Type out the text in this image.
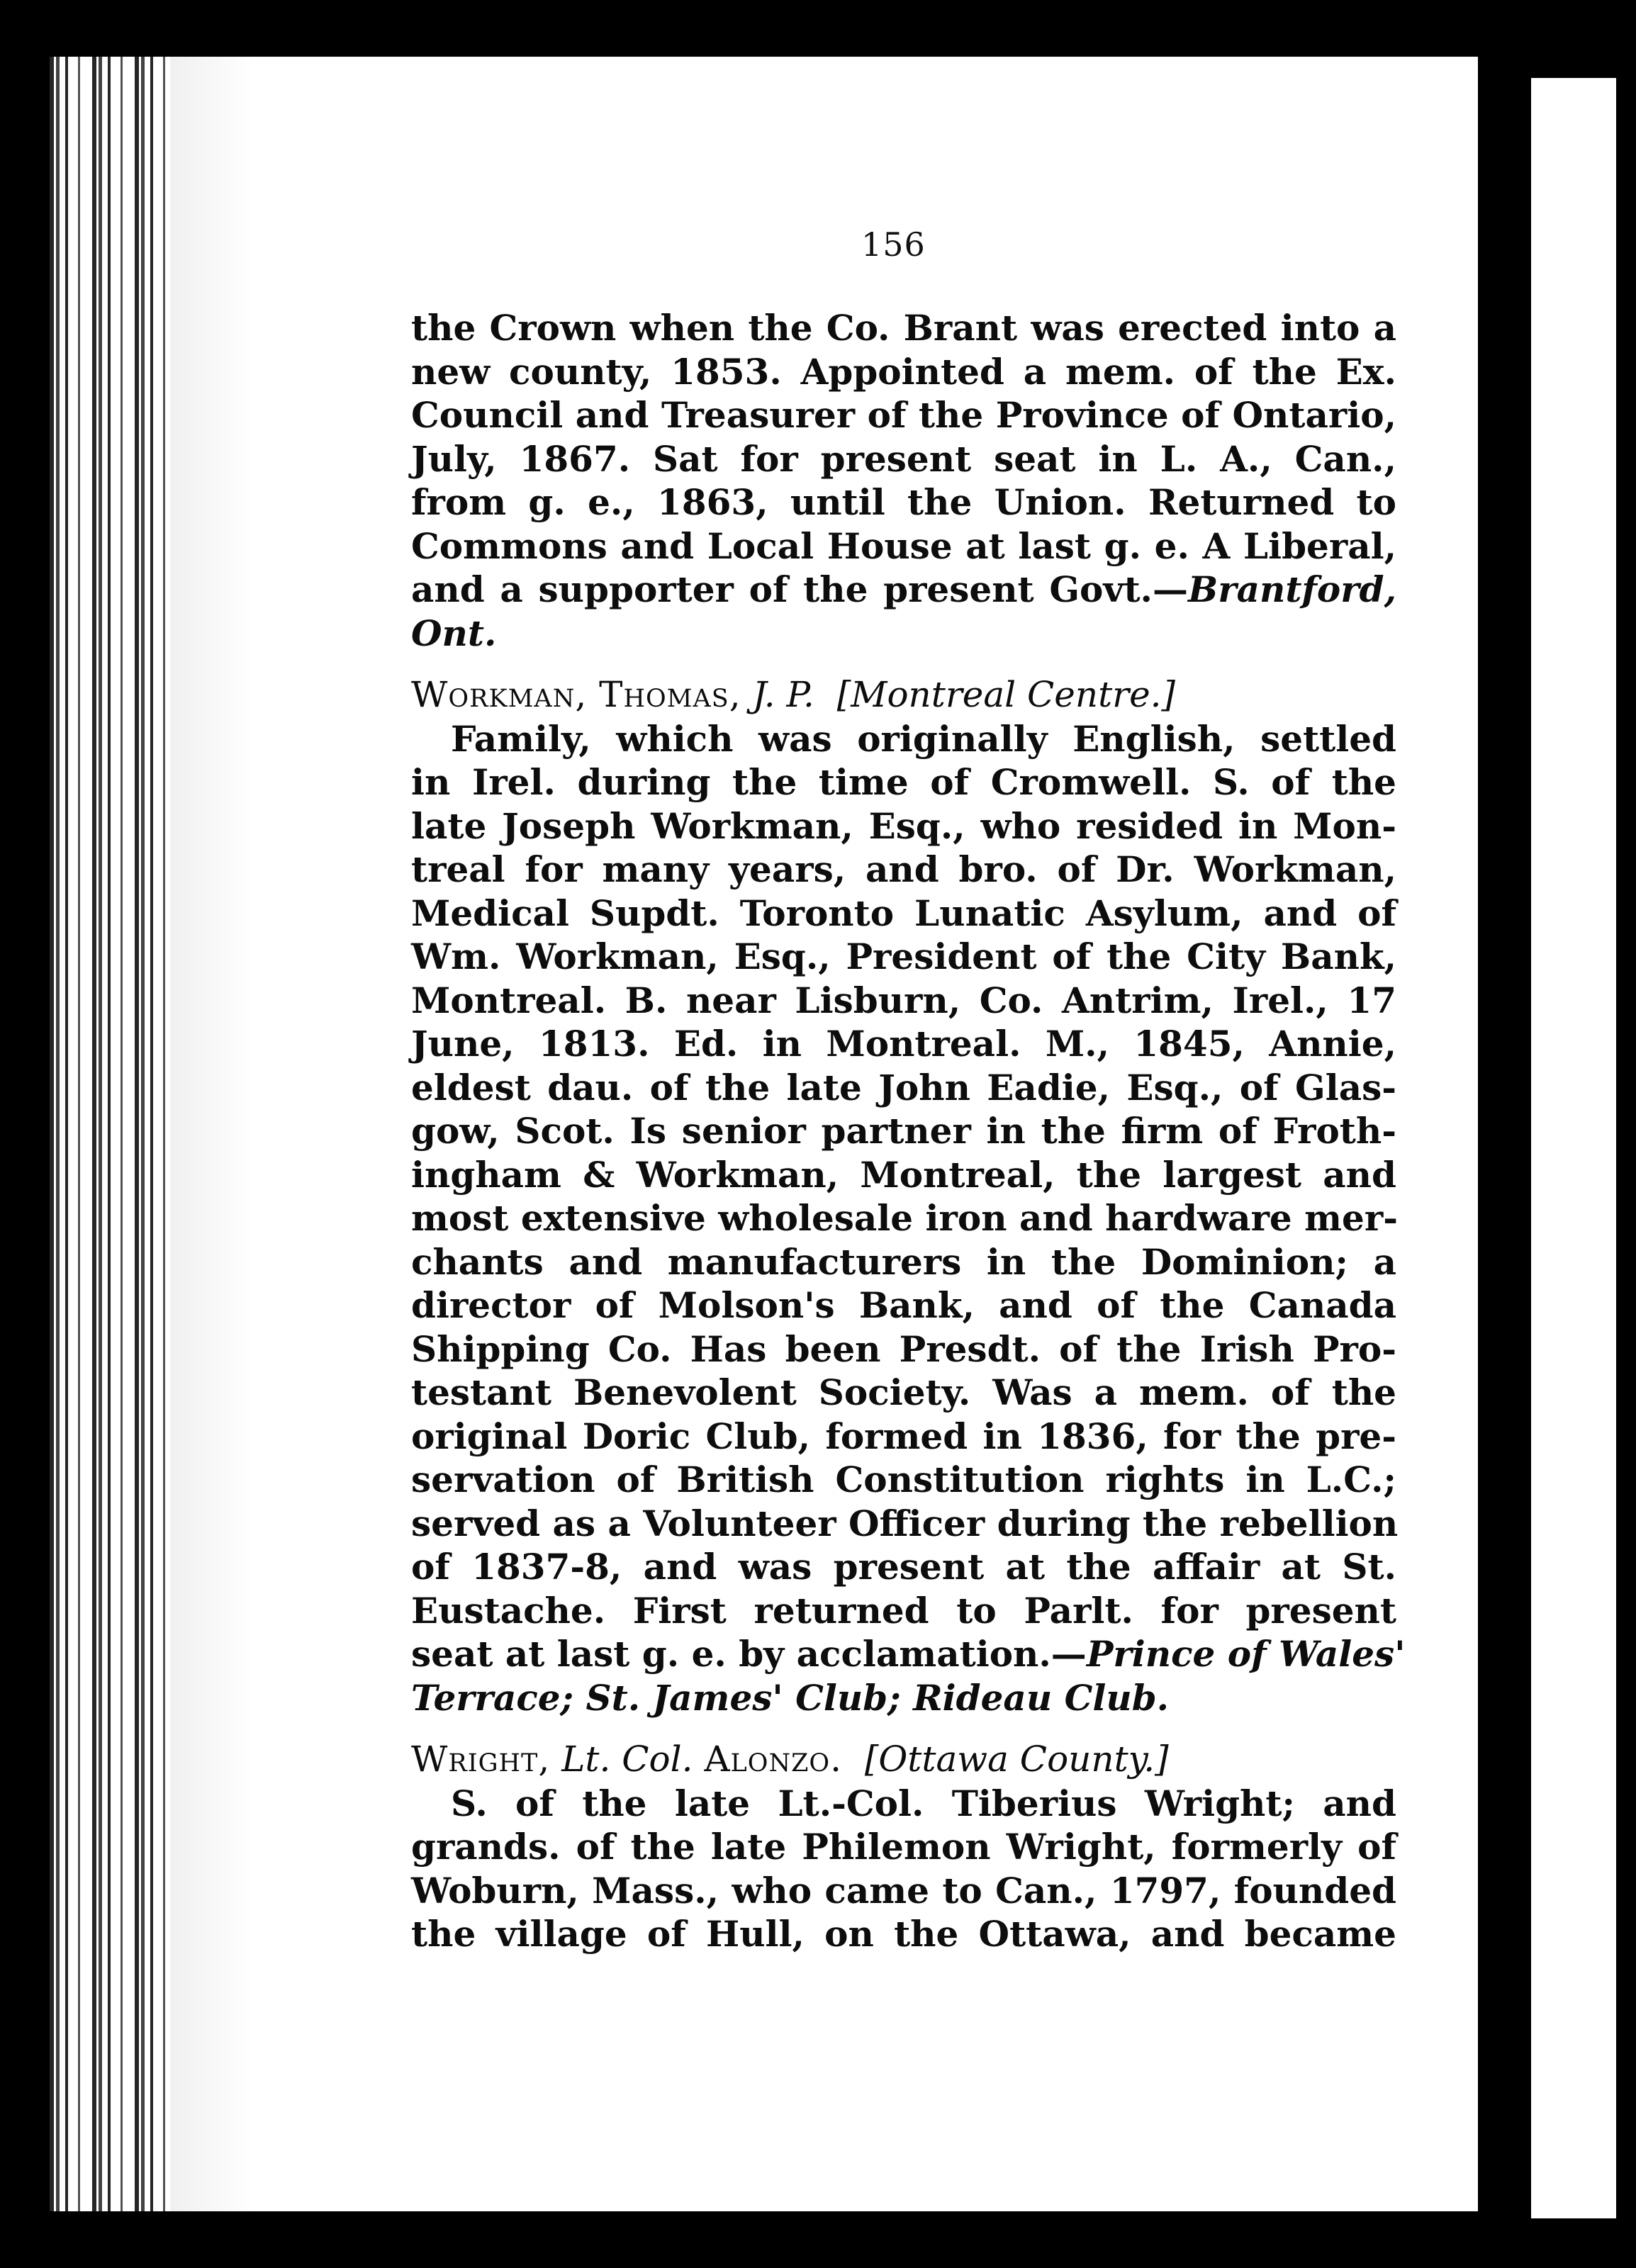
156
the Crown when the Co. Brant was erected into a
new county, 1853. Appointed a mem. of the Ex.
Council and Treasurer of the Province of Ontario,
July, 1867. Sat for present seat in L. A., Can.,
from g. e., 1863, until the Union. Returned to
Commons and Local House at last g. e. A Liberal,
and a supporter of the present Govt.—Brantford,
Ont.
Workman, Thomas, J. P. [Montreal Centre.]
Family, which was originally English, settled
in Irel. during the time of Cromwell. S. of the
late Joseph Workman, Esq., who resided in Mon-
treal for many years, and bro. of Dr. Workman,
Medical Supdt. Toronto Lunatic Asylum, and of
Wm. Workman, Esq., President of the City Bank,
Montreal. B. near Lisburn, Co. Antrim, Irel., 17
June, 1813. Ed. in Montreal. M., 1845, Annie,
eldest dau. of the late John Eadie, Esq., of Glas-
gow, Scot. Is senior partner in the firm of Froth-
ingham & Workman, Montreal, the largest and
most extensive wholesale iron and hardware mer-
chants and manufacturers in the Dominion; a
director of Molson's Bank, and of the Canada
Shipping Co. Has been Presdt. of the Irish Pro-
testant Benevolent Society. Was a mem. of the
original Doric Club, formed in 1836, for the pre-
servation of British Constitution rights in L.C.;
served as a Volunteer Officer during the rebellion
of 1837-8, and was present at the affair at St.
Eustache. First returned to Parlt. for present
seat at last g. e. by acclamation.—Prince of Wales'
Terrace; St. James' Club; Rideau Club.
Wright, Lt. Col. Alonzo. [Ottawa County.]
S. of the late Lt.-Col. Tiberius Wright; and
grands. of the late Philemon Wright, formerly of
Woburn, Mass., who came to Can., 1797, founded
the village of Hull, on the Ottawa, and became
